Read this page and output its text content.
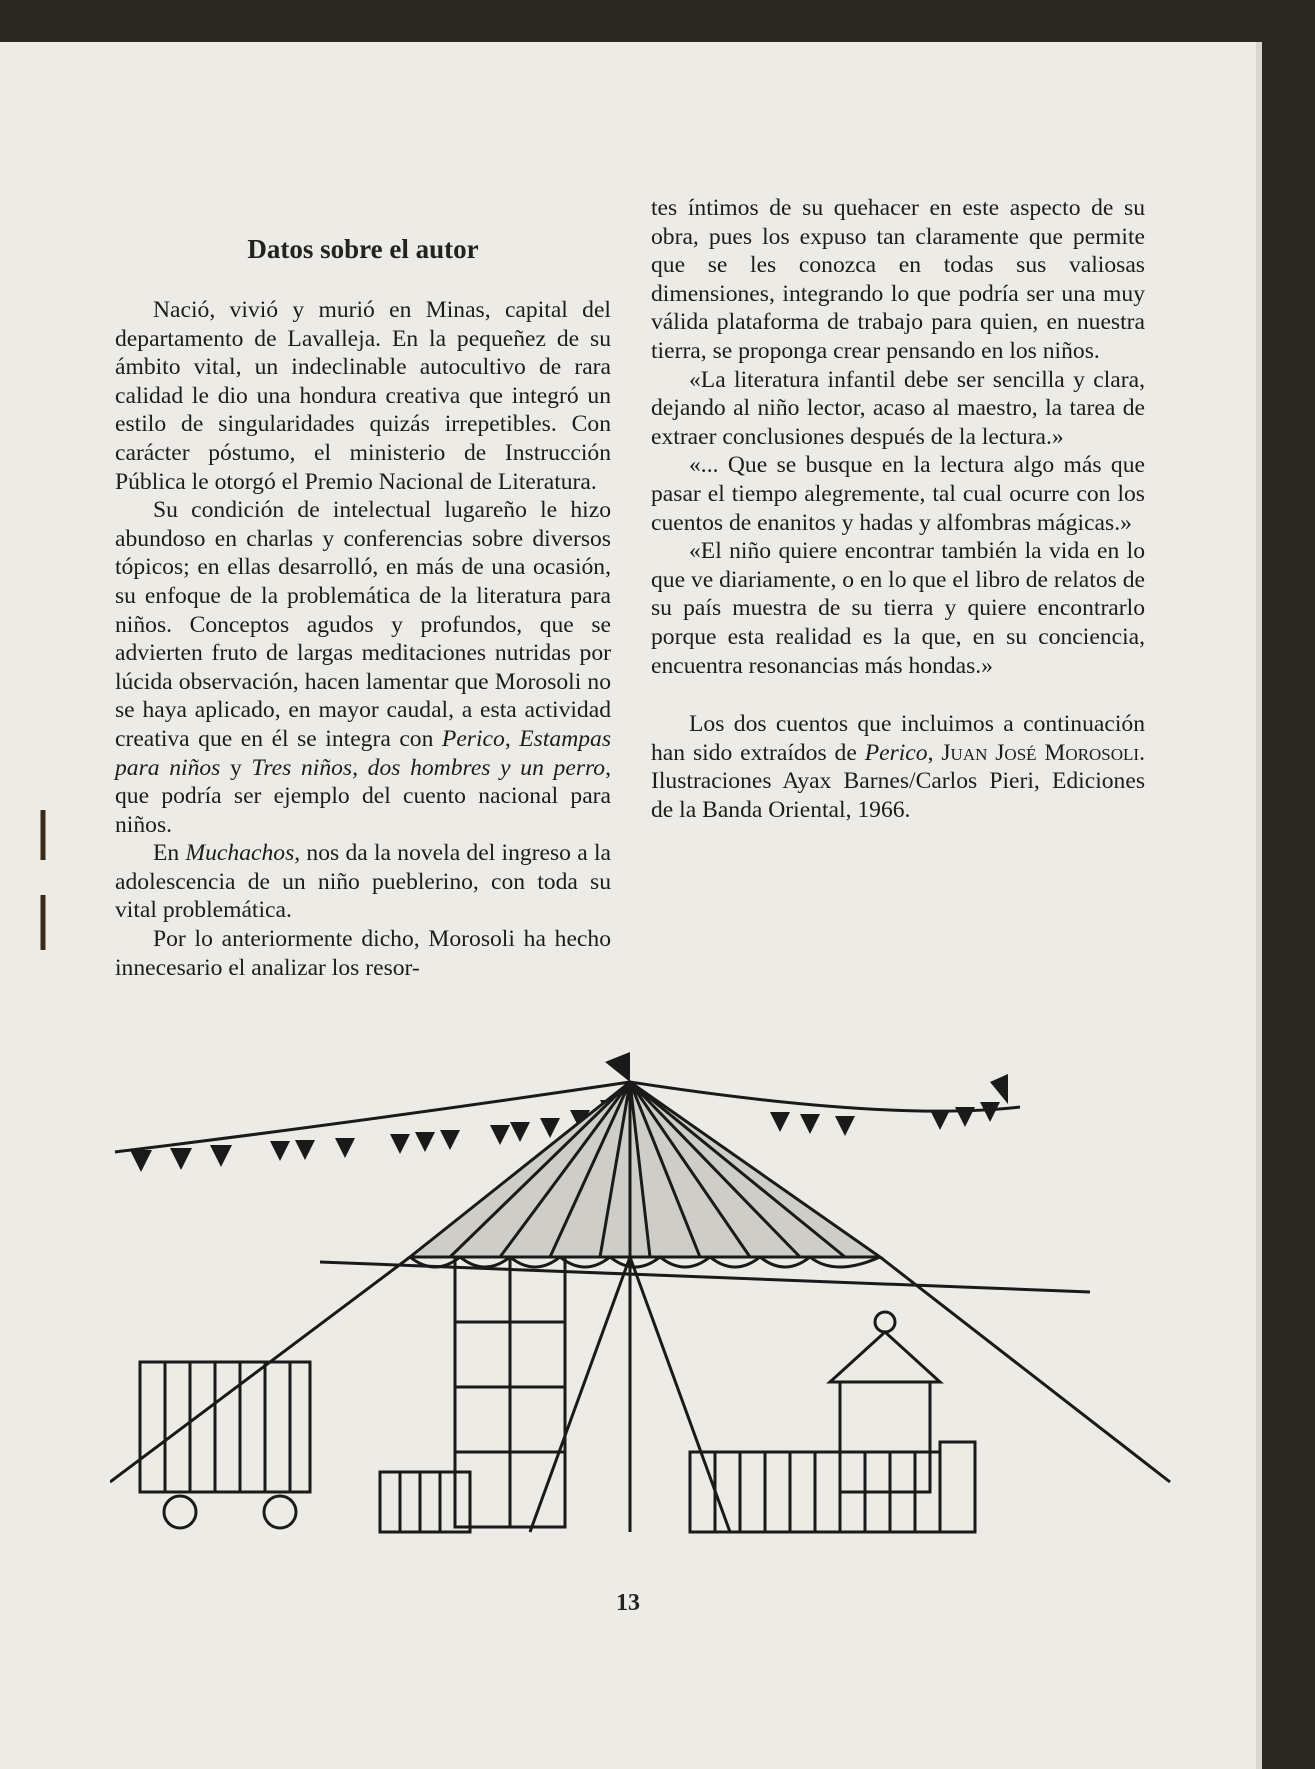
Datos sobre el autor

Nació, vivió y murió en Minas, capital del departamento de Lavalleja. En la pequeñez de su ámbito vital, un indeclinable autocultivo de rara calidad le dio una hondura creativa que integró un estilo de singularidades quizás irrepetibles. Con carácter póstumo, el ministerio de Instrucción Pública le otorgó el Premio Nacional de Literatura.

Su condición de intelectual lugareño le hizo abundoso en charlas y conferencias sobre diversos tópicos; en ellas desarrolló, en más de una ocasión, su enfoque de la problemática de la literatura para niños. Conceptos agudos y profundos, que se advierten fruto de largas meditaciones nutridas por lúcida observación, hacen lamentar que Morosoli no se haya aplicado, en mayor caudal, a esta actividad creativa que en él se integra con Perico, Estampas para niños y Tres niños, dos hombres y un perro, que podría ser ejemplo del cuento nacional para niños.

En Muchachos, nos da la novela del ingreso a la adolescencia de un niño pueblerino, con toda su vital problemática.

Por lo anteriormente dicho, Morosoli ha hecho innecesario el analizar los resor-

tes íntimos de su quehacer en este aspecto de su obra, pues los expuso tan claramente que permite que se les conozca en todas sus valiosas dimensiones, integrando lo que podría ser una muy válida plataforma de trabajo para quien, en nuestra tierra, se proponga crear pensando en los niños.

«La literatura infantil debe ser sencilla y clara, dejando al niño lector, acaso al maestro, la tarea de extraer conclusiones después de la lectura.»

«... Que se busque en la lectura algo más que pasar el tiempo alegremente, tal cual ocurre con los cuentos de enanitos y hadas y alfombras mágicas.»

«El niño quiere encontrar también la vida en lo que ve diariamente, o en lo que el libro de relatos de su país muestra de su tierra y quiere encontrarlo porque esta realidad es la que, en su conciencia, encuentra resonancias más hondas.»

Los dos cuentos que incluimos a continuación han sido extraídos de Perico, Juan José Morosoli. Ilustraciones Ayax Barnes/Carlos Pieri, Ediciones de la Banda Oriental, 1966.

13
